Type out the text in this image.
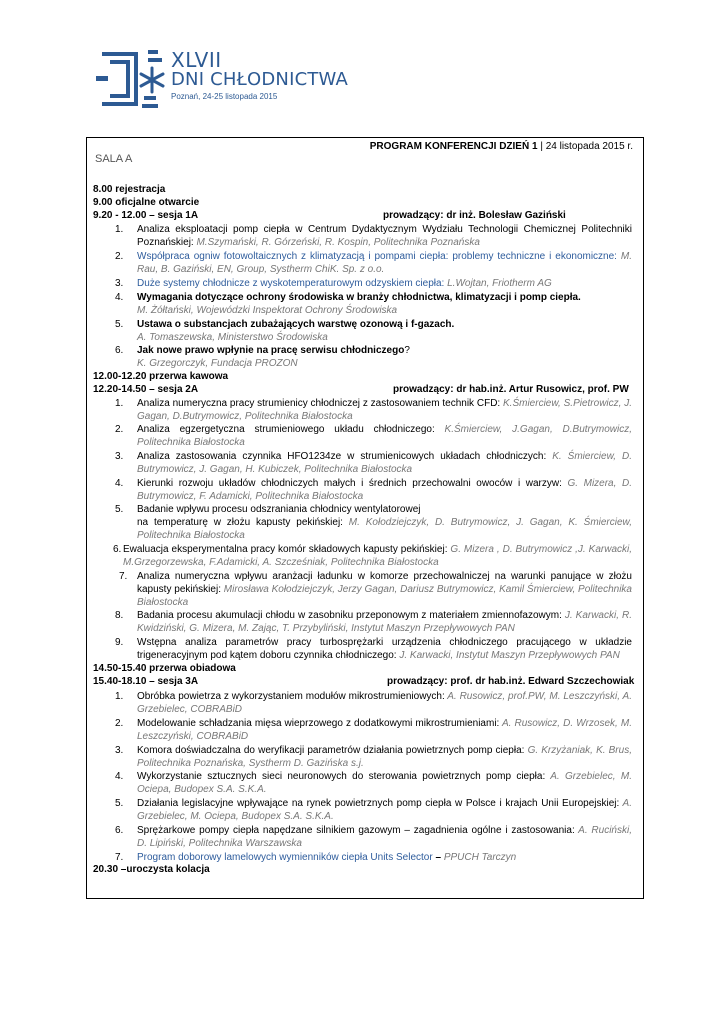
XLVII
DNI CHŁODNICTWA
Poznań, 24-25 listopada 2015
PROGRAM KONFERENCJI DZIEŃ 1 | 24 listopada 2015 r.
SALA A
8.00 rejestracja
9.00 oficjalne otwarcie
9.20 - 12.00 – sesja 1A	prowadzący: dr inż. Bolesław Gaziński
1. Analiza eksploatacji pomp ciepła w Centrum Dydaktycznym Wydziału Technologii Chemicznej Politechniki Poznańskiej: M.Szymański, R. Górzeński, R. Kospin, Politechnika Poznańska
2. Współpraca ogniw fotowoltaicznych z klimatyzacją i pompami ciepła: problemy techniczne i ekonomiczne: M. Rau, B. Gaziński, EN, Group, Systherm ChiK. Sp. z o.o.
3. Duże systemy chłodnicze z wyskotemperaturowym odzyskiem ciepła: L.Wojtan, Friotherm AG
4. Wymagania dotyczące ochrony środowiska w branży chłodnictwa, klimatyzacji i pomp ciepła.
M. Żółtański, Wojewódzki Inspektorat Ochrony Środowiska
5. Ustawa o substancjach zubażających warstwę ozonową i f-gazach.
A. Tomaszewska, Ministerstwo Środowiska
6. Jak nowe prawo wpłynie na pracę serwisu chłodniczego?
K. Grzegorczyk, Fundacja PROZON
12.00-12.20 przerwa kawowa
12.20-14.50 – sesja 2A	prowadzący: dr hab.inż. Artur Rusowicz, prof. PW
1. Analiza numeryczna pracy strumienicy chłodniczej z zastosowaniem technik CFD: K.Śmierciew, S.Pietrowicz, J. Gagan, D.Butrymowicz, Politechnika Białostocka
2. Analiza egzergetyczna strumieniowego układu chłodniczego: K.Śmierciew, J.Gagan, D.Butrymowicz, Politechnika Białostocka
3. Analiza zastosowania czynnika HFO1234ze w strumienicowych układach chłodniczych: K. Śmierciew, D. Butrymowicz, J. Gagan, H. Kubiczek, Politechnika Białostocka
4. Kierunki rozwoju układów chłodniczych małych i średnich przechowalni owoców i warzyw: G. Mizera, D. Butrymowicz, F. Adamicki, Politechnika Białostocka
5. Badanie wpływu procesu odszraniania chłodnicy wentylatorowej
na temperaturę w złożu kapusty pekińskiej: M. Kołodziejczyk, D. Butrymowicz, J. Gagan, K. Śmierciew, Politechnika Białostocka
6. Ewaluacja eksperymentalna pracy komór składowych kapusty pekińskiej: G. Mizera , D. Butrymowicz ,J. Karwacki, M.Grzegorzewska, F.Adamicki, A. Szcześniak, Politechnika Białostocka
7. Analiza numeryczna wpływu aranżacji ładunku w komorze przechowalniczej na warunki panujące w złożu kapusty pekińskiej: Mirosława Kołodziejczyk, Jerzy Gagan, Dariusz Butrymowicz, Kamil Śmierciew, Politechnika Białostocka
8. Badania procesu akumulacji chłodu w zasobniku przeponowym z materiałem zmiennofazowym: J. Karwacki, R. Kwidziński, G. Mizera, M. Zając, T. Przybyliński, Instytut Maszyn Przepływowych PAN
9. Wstępna analiza parametrów pracy turbosprężarki urządzenia chłodniczego pracującego w układzie trigeneracyjnym pod kątem doboru czynnika chłodniczego: J. Karwacki, Instytut Maszyn Przepływowych PAN
14.50-15.40 przerwa obiadowa
15.40-18.10 – sesja 3A	prowadzący: prof. dr hab.inż. Edward Szczechowiak
1. Obróbka powietrza z wykorzystaniem modułów mikrostrumieniowych: A. Rusowicz, prof.PW, M. Leszczyński, A. Grzebielec, COBRABiD
2. Modelowanie schładzania mięsa wieprzowego z dodatkowymi mikrostrumieniami: A. Rusowicz, D. Wrzosek, M. Leszczyński, COBRABiD
3. Komora doświadczalna do weryfikacji parametrów działania powietrznych pomp ciepła: G. Krzyżaniak, K. Brus, Politechnika Poznańska, Systherm D. Gazińska s.j.
4. Wykorzystanie sztucznych sieci neuronowych do sterowania powietrznych pomp ciepła: A. Grzebielec, M. Ociepa, Budopex S.A. S.K.A.
5. Działania legislacyjne wpływające na rynek powietrznych pomp ciepła w Polsce i krajach Unii Europejskiej: A. Grzebielec, M. Ociepa, Budopex S.A. S.K.A.
6. Sprężarkowe pompy ciepła napędzane silnikiem gazowym – zagadnienia ogólne i zastosowania: A. Ruciński, D. Lipiński, Politechnika Warszawska
7. Program doborowy lamelowych wymienników ciepła Units Selector – PPUCH Tarczyn
20.30 –uroczysta kolacja
